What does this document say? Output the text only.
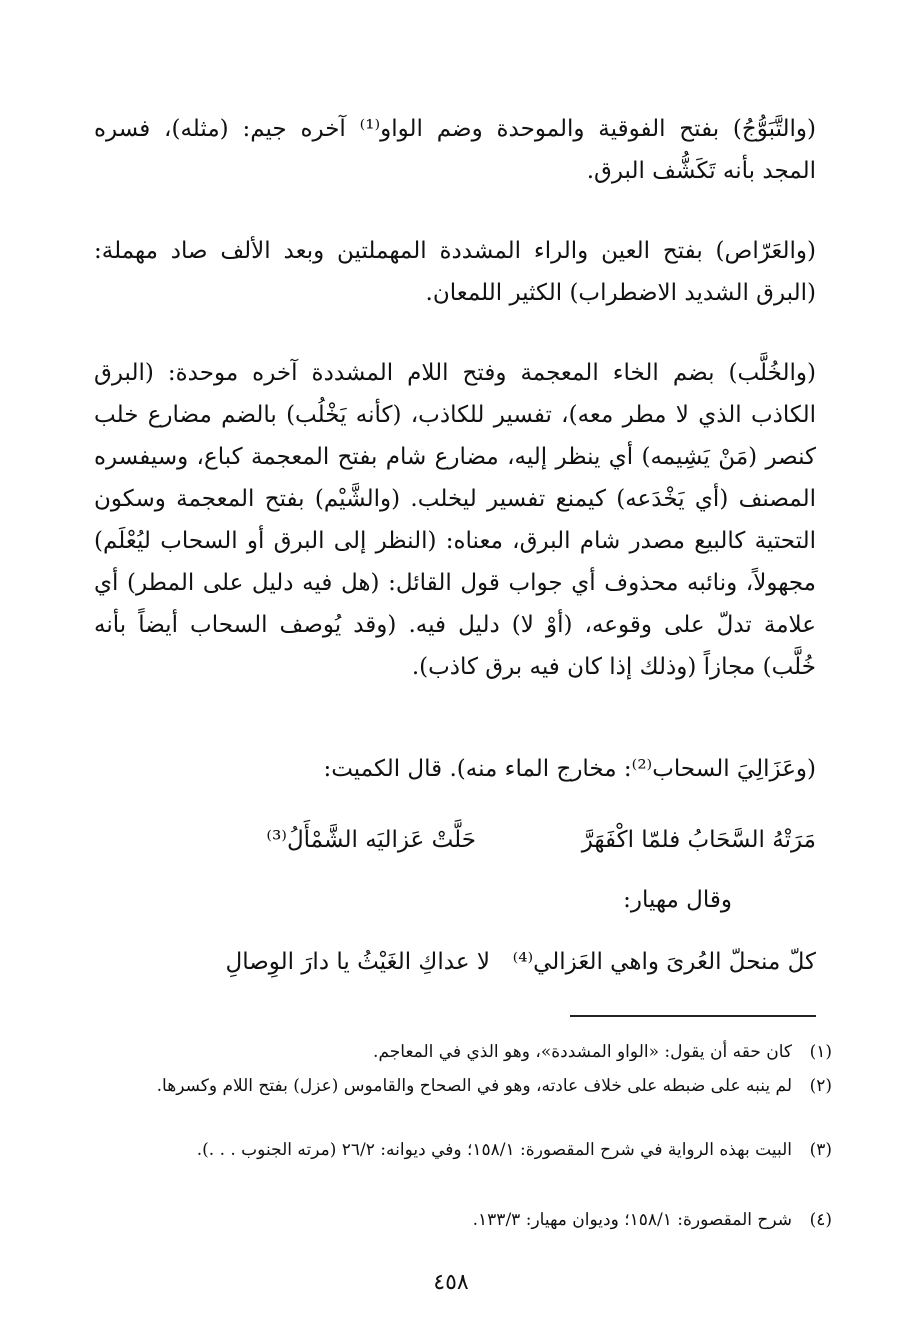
(والتَّبَوُّجُ) بفتح الفوقية والموحدة وضم الواو⁽¹⁾ آخره جيم: (مثله)، فسره المجد بأنه تَكَشُّف البرق.

(والعَرّاص) بفتح العين والراء المشددة المهملتين وبعد الألف صاد مهملة: (البرق الشديد الاضطراب) الكثير اللمعان.

(والخُلَّب) بضم الخاء المعجمة وفتح اللام المشددة آخره موحدة: (البرق الكاذب الذي لا مطر معه)، تفسير للكاذب، (كأنه يَخْلُب) بالضم مضارع خلب كنصر (مَنْ يَشِيمه) أي ينظر إليه، مضارع شام بفتح المعجمة كباع، وسيفسره المصنف (أي يَخْدَعه) كيمنع تفسير ليخلب. (والشَّيْم) بفتح المعجمة وسكون التحتية كالبيع مصدر شام البرق، معناه: (النظر إلى البرق أو السحاب ليُعْلَم) مجهولاً، ونائبه محذوف أي جواب قول القائل: (هل فيه دليل على المطر) أي علامة تدلّ على وقوعه، (أوْ لا) دليل فيه. (وقد يُوصف السحاب أيضاً بأنه خُلَّب) مجازاً (وذلك إذا كان فيه برق كاذب).

(وعَزَالِيَ السحاب⁽²⁾: مخارج الماء منه). قال الكميت:

مَرَتْهُ السَّحَابُ فلمّا اكْفَهَرَّ
حَلَّتْ عَزاليَه الشَّمْأَلُ⁽³⁾
وقال مهيار:
لا عداكِ الغَيْثُ يا دارَ الوِصالِ كلّ منحلّ العُرىَ واهي العَزالي⁽⁴⁾
(١)
كان حقه أن يقول: «الواو المشددة»، وهو الذي في المعاجم.
(٢)
لم ينبه على ضبطه على خلاف عادته، وهو في الصحاح والقاموس (عزل) بفتح اللام وكسرها.
(٣)
البيت بهذه الرواية في شرح المقصورة: ١٥٨/١؛ وفي ديوانه: ٢٦/٢ (مرته الجنوب . . .).
(٤)
شرح المقصورة: ١٥٨/١؛ وديوان مهيار: ١٣٣/٣.
٤٥٨
